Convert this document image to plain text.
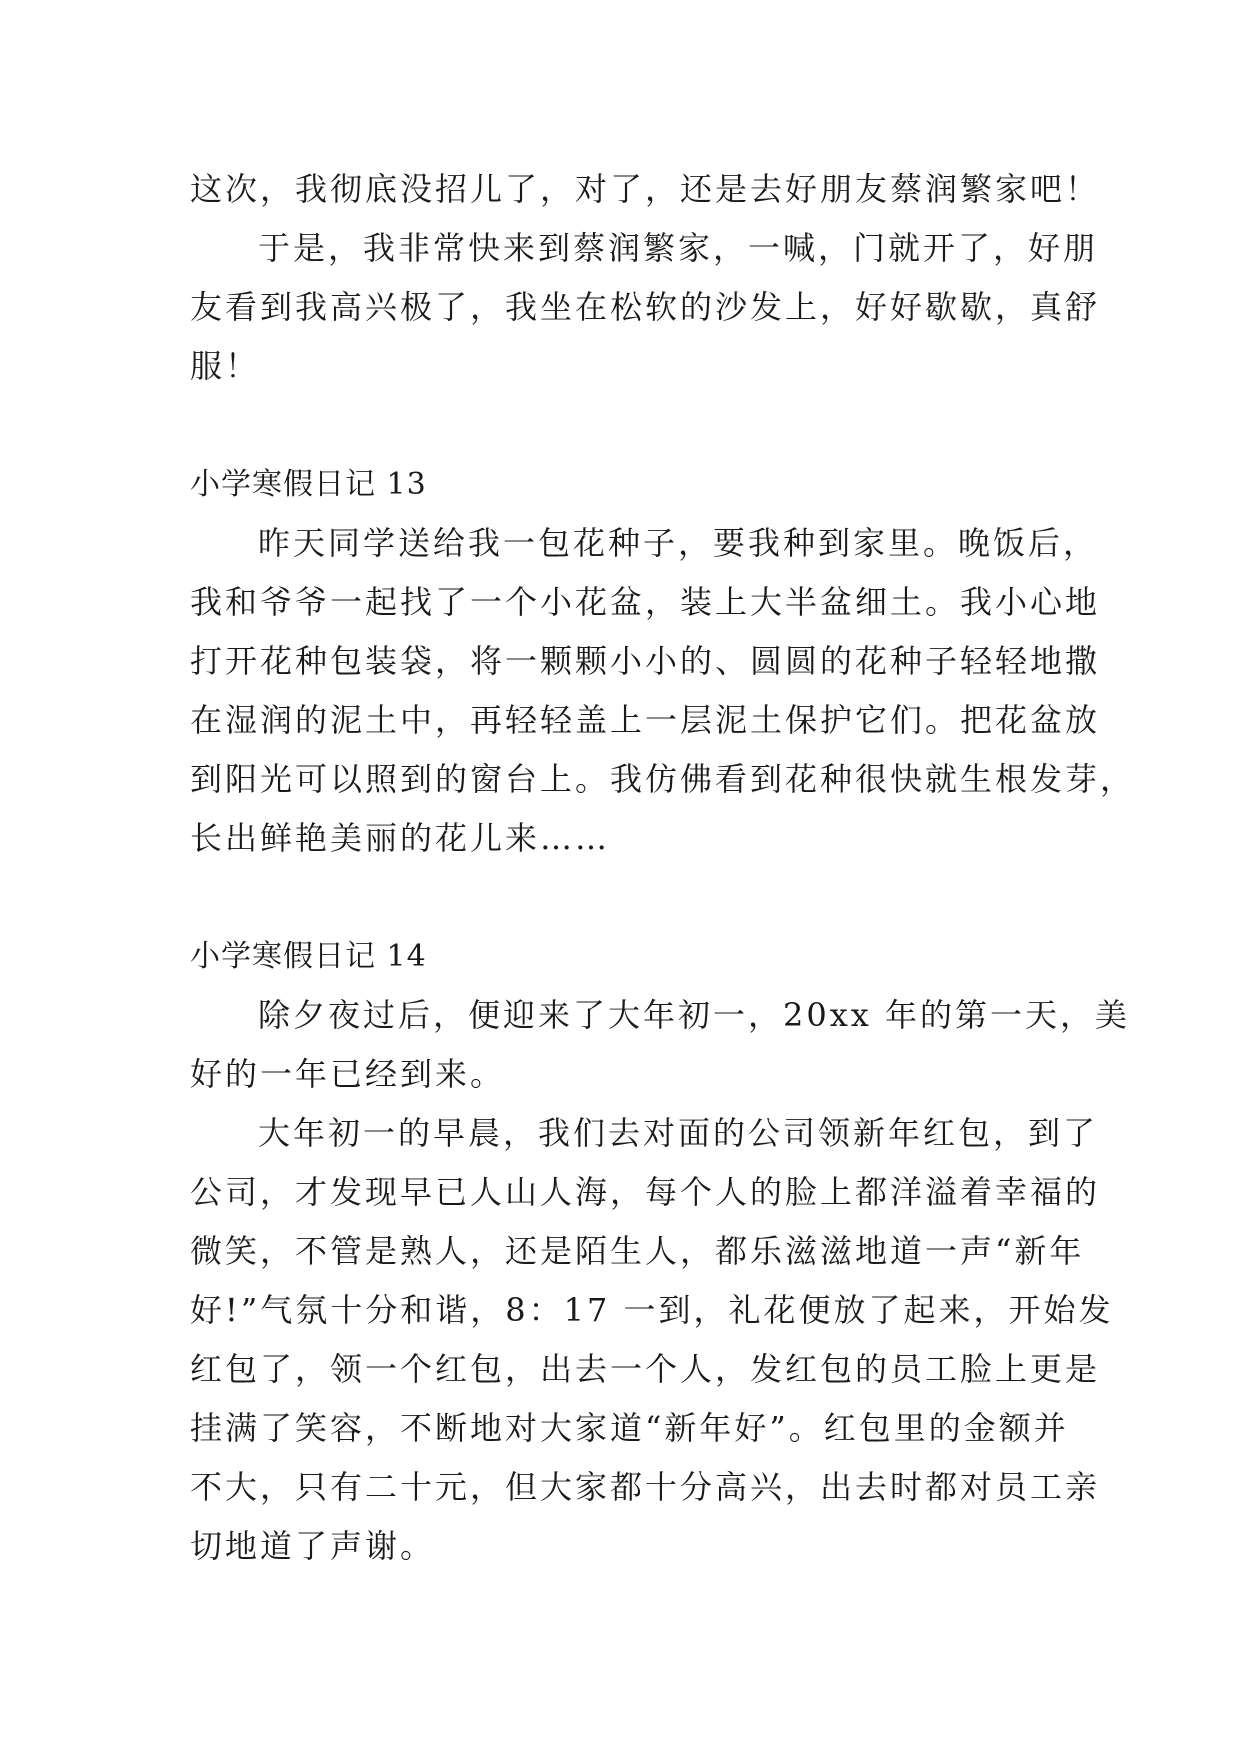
这次，我彻底没招儿了，对了，还是去好朋友蔡润繁家吧！
于是，我非常快来到蔡润繁家，一喊，门就开了，好朋
友看到我高兴极了，我坐在松软的沙发上，好好歇歇，真舒
服！
小学寒假日记 13
昨天同学送给我一包花种子，要我种到家里。晚饭后，
我和爷爷一起找了一个小花盆，装上大半盆细土。我小心地
打开花种包装袋，将一颗颗小小的、圆圆的花种子轻轻地撒
在湿润的泥土中，再轻轻盖上一层泥土保护它们。把花盆放
到阳光可以照到的窗台上。我仿佛看到花种很快就生根发芽，
长出鲜艳美丽的花儿来……
小学寒假日记 14
除夕夜过后，便迎来了大年初一，20xx 年的第一天，美
好的一年已经到来。
大年初一的早晨，我们去对面的公司领新年红包，到了
公司，才发现早已人山人海，每个人的脸上都洋溢着幸福的
微笑，不管是熟人，还是陌生人，都乐滋滋地道一声“新年
好!”气氛十分和谐，8：17 一到，礼花便放了起来，开始发
红包了，领一个红包，出去一个人，发红包的员工脸上更是
挂满了笑容，不断地对大家道“新年好”。红包里的金额并
不大，只有二十元，但大家都十分高兴，出去时都对员工亲
切地道了声谢。
